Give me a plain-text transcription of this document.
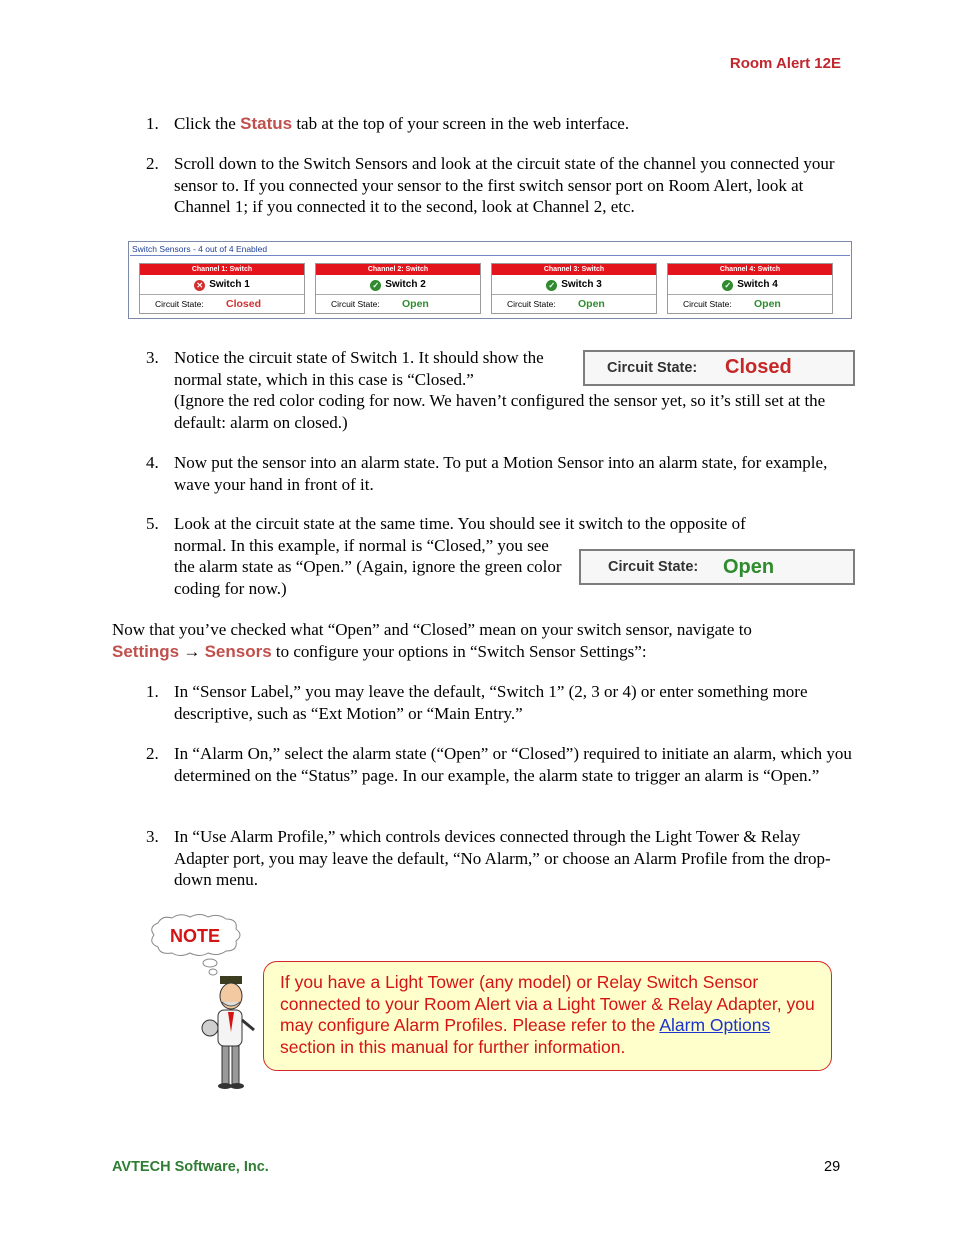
Room Alert 12E
1. Click the Status tab at the top of your screen in the web interface.
2. Scroll down to the Switch Sensors and look at the circuit state of the channel you connected your sensor to. If you connected your sensor to the first switch sensor port on Room Alert, look at Channel 1; if you connected it to the second, look at Channel 2, etc.
Switch Sensors - 4 out of 4 Enabled
Channel 1: Switch
✕ Switch 1
Circuit State: Closed
Channel 2: Switch
✓ Switch 2
Circuit State: Open
Channel 3: Switch
✓ Switch 3
Circuit State: Open
Channel 4: Switch
✓ Switch 4
Circuit State: Open
3. Notice the circuit state of Switch 1. It should show the normal state, which in this case is “Closed.”
(Ignore the red color coding for now. We haven’t configured the sensor yet, so it’s still set at the default: alarm on closed.)
Circuit State: Closed
4. Now put the sensor into an alarm state. To put a Motion Sensor into an alarm state, for example, wave your hand in front of it.
5. Look at the circuit state at the same time. You should see it switch to the opposite of
normal. In this example, if normal is “Closed,” you see the alarm state as “Open.” (Again, ignore the green color coding for now.)
Circuit State: Open
Now that you’ve checked what “Open” and “Closed” mean on your switch sensor, navigate to
Settings → Sensors to configure your options in “Switch Sensor Settings”:
1. In “Sensor Label,” you may leave the default, “Switch 1” (2, 3 or 4) or enter something more descriptive, such as “Ext Motion” or “Main Entry.”
2. In “Alarm On,” select the alarm state (“Open” or “Closed”) required to initiate an alarm, which you determined on the “Status” page. In our example, the alarm state to trigger an alarm is “Open.”
3. In “Use Alarm Profile,” which controls devices connected through the Light Tower & Relay Adapter port, you may leave the default, “No Alarm,” or choose an Alarm Profile from the drop-down menu.
NOTE
If you have a Light Tower (any model) or Relay Switch Sensor connected to your Room Alert via a Light Tower & Relay Adapter, you may configure Alarm Profiles. Please refer to the Alarm Options section in this manual for further information.
AVTECH Software, Inc.	29
